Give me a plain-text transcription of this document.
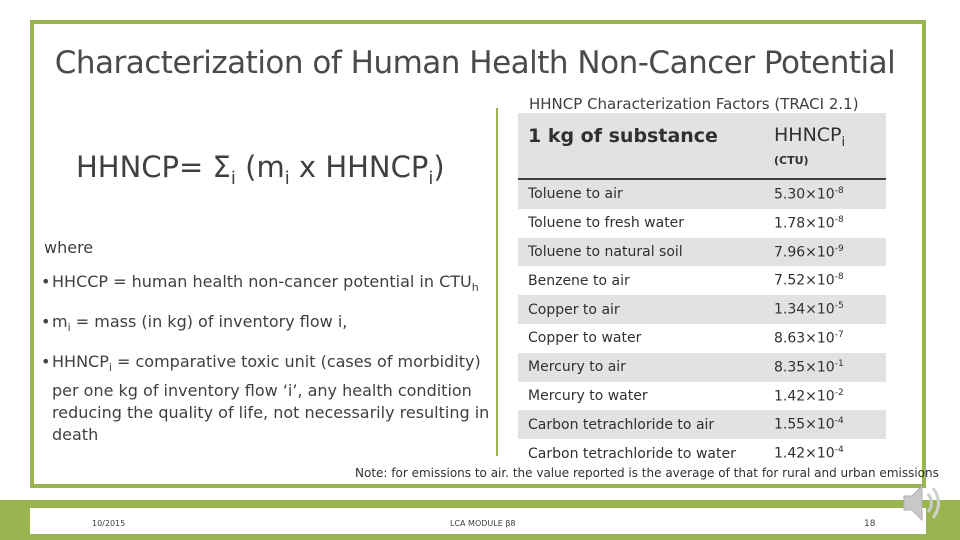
Characterization of Human Health Non-Cancer Potential
HHNCP= $\Sigma_i$ ($m_i$ x $HHNCP_i$)
where
• HHCCP = human health non-cancer potential in $CTU_h$
• $m_i$ = mass (in kg) of inventory flow i,
• $HHNCP_i$ = comparative toxic unit (cases of morbidity) per one kg of inventory flow ‘i’, any health condition reducing the quality of life, not necessarily resulting in death
HHNCP Characterization Factors (TRACI 2.1)
1 kg of substance	$HHNCP_i$
(CTU)

Toluene to air	$5.30\times 10^{-8}$
Toluene to fresh water	$1.78\times 10^{-8}$
Toluene to natural soil	$7.96\times 10^{-9}$
Benzene to air	$7.52\times 10^{-8}$
Copper to air	$1.34\times 10^{-5}$
Copper to water	$8.63\times 10^{-7}$
Mercury to air	$8.35\times 10^{-1}$
Mercury to water	$1.42\times 10^{-2}$
Carbon tetrachloride to air	$1.55\times 10^{-4}$
Carbon tetrachloride to water	$1.42\times 10^{-4}$
Note: for emissions to air. the value reported is the average of that for rural and urban emissions
10/2015	LCA MODULE β8	18
